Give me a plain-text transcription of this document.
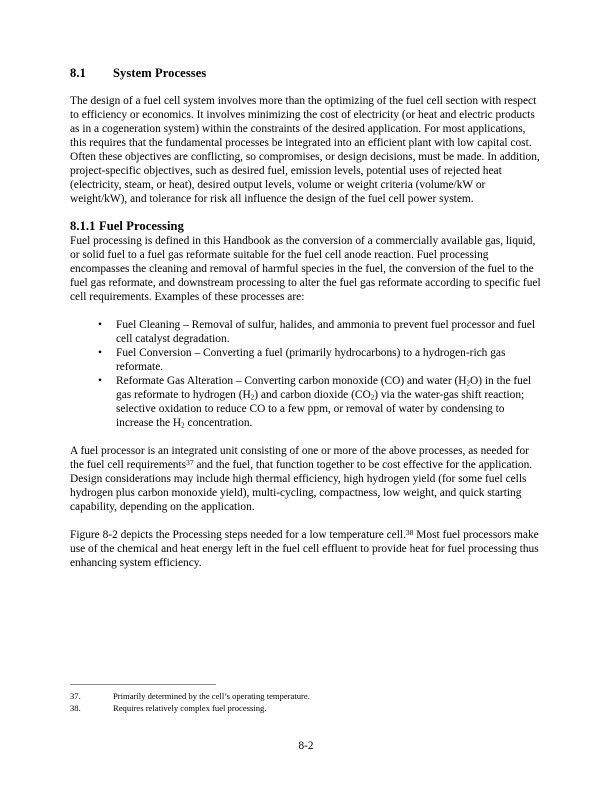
8.1 System Processes

The design of a fuel cell system involves more than the optimizing of the fuel cell section with respect to efficiency or economics. It involves minimizing the cost of electricity (or heat and electric products as in a cogeneration system) within the constraints of the desired application. For most applications, this requires that the fundamental processes be integrated into an efficient plant with low capital cost. Often these objectives are conflicting, so compromises, or design decisions, must be made. In addition, project-specific objectives, such as desired fuel, emission levels, potential uses of rejected heat (electricity, steam, or heat), desired output levels, volume or weight criteria (volume/kW or weight/kW), and tolerance for risk all influence the design of the fuel cell power system.

8.1.1 Fuel Processing

Fuel processing is defined in this Handbook as the conversion of a commercially available gas, liquid, or solid fuel to a fuel gas reformate suitable for the fuel cell anode reaction. Fuel processing encompasses the cleaning and removal of harmful species in the fuel, the conversion of the fuel to the fuel gas reformate, and downstream processing to alter the fuel gas reformate according to specific fuel cell requirements. Examples of these processes are:

• Fuel Cleaning – Removal of sulfur, halides, and ammonia to prevent fuel processor and fuel cell catalyst degradation.
• Fuel Conversion – Converting a fuel (primarily hydrocarbons) to a hydrogen-rich gas reformate.
• Reformate Gas Alteration – Converting carbon monoxide (CO) and water $(H_2O)$ in the fuel gas reformate to hydrogen $(H_2)$ and carbon dioxide $(CO_2)$ via the water-gas shift reaction; selective oxidation to reduce CO to a few ppm, or removal of water by condensing to increase the $H_2$ concentration.

A fuel processor is an integrated unit consisting of one or more of the above processes, as needed for the fuel cell requirements$^{37}$ and the fuel, that function together to be cost effective for the application. Design considerations may include high thermal efficiency, high hydrogen yield (for some fuel cells hydrogen plus carbon monoxide yield), multi-cycling, compactness, low weight, and quick starting capability, depending on the application.

Figure 8-2 depicts the Processing steps needed for a low temperature cell.$^{38}$ Most fuel processors make use of the chemical and heat energy left in the fuel cell effluent to provide heat for fuel processing thus enhancing system efficiency.

37.	Primarily determined by the cell’s operating temperature.
38.	Requires relatively complex fuel processing.
8-2
